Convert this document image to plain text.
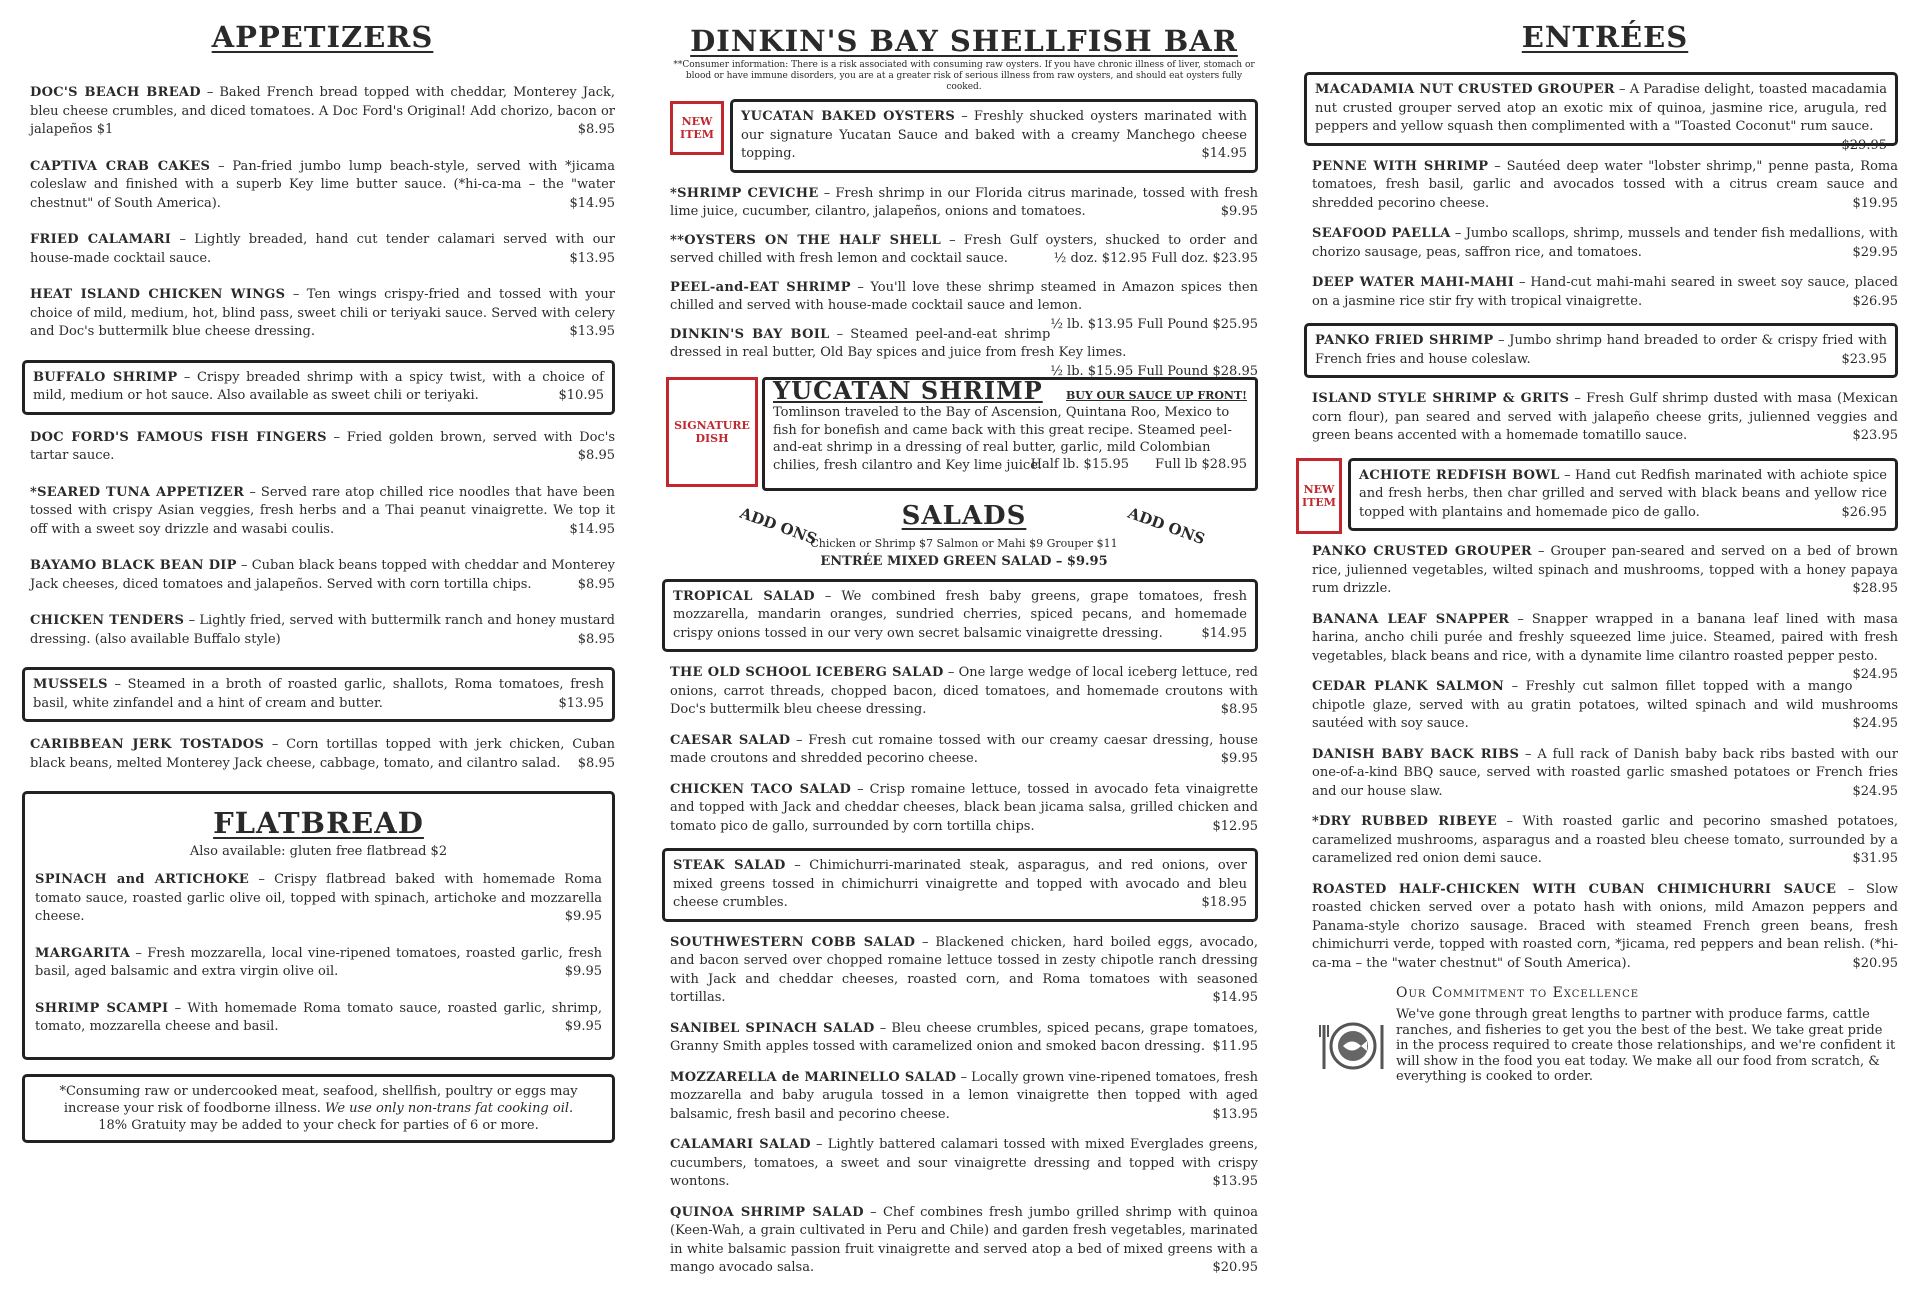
APPETIZERS
DOC'S BEACH BREAD – Baked French bread topped with cheddar, Monterey Jack, bleu cheese crumbles, and diced tomatoes. A Doc Ford's Original! Add chorizo, bacon or jalapeños $1	$8.95
CAPTIVA CRAB CAKES – Pan-fried jumbo lump beach-style, served with *jicama coleslaw and finished with a superb Key lime butter sauce. (*hi-ca-ma – the "water chestnut" of South America).	$14.95
FRIED CALAMARI – Lightly breaded, hand cut tender calamari served with our house-made cocktail sauce.	$13.95
HEAT ISLAND CHICKEN WINGS – Ten wings crispy-fried and tossed with your choice of mild, medium, hot, blind pass, sweet chili or teriyaki sauce. Served with celery and Doc's buttermilk blue cheese dressing.	$13.95
BUFFALO SHRIMP – Crispy breaded shrimp with a spicy twist, with a choice of mild, medium or hot sauce. Also available as sweet chili or teriyaki.	$10.95
DOC FORD'S FAMOUS FISH FINGERS – Fried golden brown, served with Doc's tartar sauce.	$8.95
*SEARED TUNA APPETIZER – Served rare atop chilled rice noodles that have been tossed with crispy Asian veggies, fresh herbs and a Thai peanut vinaigrette. We top it off with a sweet soy drizzle and wasabi coulis.	$14.95
BAYAMO BLACK BEAN DIP – Cuban black beans topped with cheddar and Monterey Jack cheeses, diced tomatoes and jalapeños. Served with corn tortilla chips.	$8.95
CHICKEN TENDERS – Lightly fried, served with buttermilk ranch and honey mustard dressing. (also available Buffalo style)	$8.95
MUSSELS – Steamed in a broth of roasted garlic, shallots, Roma tomatoes, fresh basil, white zinfandel and a hint of cream and butter.	$13.95
CARIBBEAN JERK TOSTADOS – Corn tortillas topped with jerk chicken, Cuban black beans, melted Monterey Jack cheese, cabbage, tomato, and cilantro salad. $8.95
FLATBREAD
Also available: gluten free flatbread $2
SPINACH and ARTICHOKE – Crispy flatbread baked with homemade Roma tomato sauce, roasted garlic olive oil, topped with spinach, artichoke and mozzarella cheese.	$9.95
MARGARITA – Fresh mozzarella, local vine-ripened tomatoes, roasted garlic, fresh basil, aged balsamic and extra virgin olive oil.	$9.95
SHRIMP SCAMPI – With homemade Roma tomato sauce, roasted garlic, shrimp, tomato, mozzarella cheese and basil.	$9.95
*Consuming raw or undercooked meat, seafood, shellfish, poultry or eggs may increase your risk of foodborne illness. We use only non-trans fat cooking oil.
18% Gratuity may be added to your check for parties of 6 or more.
DINKIN'S BAY SHELLFISH BAR
**Consumer information: There is a risk associated with consuming raw oysters. If you have chronic illness of liver, stomach or blood or have immune disorders, you are at a greater risk of serious illness from raw oysters, and should eat oysters fully cooked.
NEW ITEM
YUCATAN BAKED OYSTERS – Freshly shucked oysters marinated with our signature Yucatan Sauce and baked with a creamy Manchego cheese topping.	$14.95
*SHRIMP CEVICHE – Fresh shrimp in our Florida citrus marinade, tossed with fresh lime juice, cucumber, cilantro, jalapeños, onions and tomatoes.	$9.95
**OYSTERS ON THE HALF SHELL – Fresh Gulf oysters, shucked to order and served chilled with fresh lemon and cocktail sauce.	½ doz. $12.95 Full doz. $23.95
PEEL-and-EAT SHRIMP – You'll love these shrimp steamed in Amazon spices then chilled and served with house-made cocktail sauce and lemon.
½ lb. $13.95 Full Pound $25.95
DINKIN'S BAY BOIL – Steamed peel-and-eat shrimp dressed in real butter, Old Bay spices and juice from fresh Key limes.
½ lb. $15.95 Full Pound $28.95
SIGNATURE DISH
YUCATAN SHRIMP BUY OUR SAUCE UP FRONT!
Tomlinson traveled to the Bay of Ascension, Quintana Roo, Mexico to fish for bonefish and came back with this great recipe. Steamed peel-and-eat shrimp in a dressing of real butter, garlic, mild Colombian chilies, fresh cilantro and Key lime juice.
Half lb. $15.95 Full lb $28.95
ADD ONS	ADD ONS
SALADS
Chicken or Shrimp $7 Salmon or Mahi $9 Grouper $11
ENTRÉE MIXED GREEN SALAD – $9.95
TROPICAL SALAD – We combined fresh baby greens, grape tomatoes, fresh mozzarella, mandarin oranges, sundried cherries, spiced pecans, and homemade crispy onions tossed in our very own secret balsamic vinaigrette dressing.	$14.95
THE OLD SCHOOL ICEBERG SALAD – One large wedge of local iceberg lettuce, red onions, carrot threads, chopped bacon, diced tomatoes, and homemade croutons with Doc's buttermilk bleu cheese dressing.	$8.95
CAESAR SALAD – Fresh cut romaine tossed with our creamy caesar dressing, house made croutons and shredded pecorino cheese.	$9.95
CHICKEN TACO SALAD – Crisp romaine lettuce, tossed in avocado feta vinaigrette and topped with Jack and cheddar cheeses, black bean jicama salsa, grilled chicken and tomato pico de gallo, surrounded by corn tortilla chips.	$12.95
STEAK SALAD – Chimichurri-marinated steak, asparagus, and red onions, over mixed greens tossed in chimichurri vinaigrette and topped with avocado and bleu cheese crumbles.	$18.95
SOUTHWESTERN COBB SALAD – Blackened chicken, hard boiled eggs, avocado, and bacon served over chopped romaine lettuce tossed in zesty chipotle ranch dressing with Jack and cheddar cheeses, roasted corn, and Roma tomatoes with seasoned tortillas.	$14.95
SANIBEL SPINACH SALAD – Bleu cheese crumbles, spiced pecans, grape tomatoes, Granny Smith apples tossed with caramelized onion and smoked bacon dressing. $11.95
MOZZARELLA de MARINELLO SALAD – Locally grown vine-ripened tomatoes, fresh mozzarella and baby arugula tossed in a lemon vinaigrette then topped with aged balsamic, fresh basil and pecorino cheese.	$13.95
CALAMARI SALAD – Lightly battered calamari tossed with mixed Everglades greens, cucumbers, tomatoes, a sweet and sour vinaigrette dressing and topped with crispy wontons.	$13.95
QUINOA SHRIMP SALAD – Chef combines fresh jumbo grilled shrimp with quinoa (Keen-Wah, a grain cultivated in Peru and Chile) and garden fresh vegetables, marinated in white balsamic passion fruit vinaigrette and served atop a bed of mixed greens with a mango avocado salsa.	$20.95
ENTRÉES
MACADAMIA NUT CRUSTED GROUPER – A Paradise delight, toasted macadamia nut crusted grouper served atop an exotic mix of quinoa, jasmine rice, arugula, red peppers and yellow squash then complimented with a "Toasted Coconut" rum sauce.
$29.95
PENNE WITH SHRIMP – Sautéed deep water "lobster shrimp," penne pasta, Roma tomatoes, fresh basil, garlic and avocados tossed with a citrus cream sauce and shredded pecorino cheese.	$19.95
SEAFOOD PAELLA – Jumbo scallops, shrimp, mussels and tender fish medallions, with chorizo sausage, peas, saffron rice, and tomatoes.	$29.95
DEEP WATER MAHI-MAHI – Hand-cut mahi-mahi seared in sweet soy sauce, placed on a jasmine rice stir fry with tropical vinaigrette.	$26.95
PANKO FRIED SHRIMP – Jumbo shrimp hand breaded to order & crispy fried with French fries and house coleslaw.	$23.95
ISLAND STYLE SHRIMP & GRITS – Fresh Gulf shrimp dusted with masa (Mexican corn flour), pan seared and served with jalapeño cheese grits, julienned veggies and green beans accented with a homemade tomatillo sauce.	$23.95
NEW ITEM
ACHIOTE REDFISH BOWL – Hand cut Redfish marinated with achiote spice and fresh herbs, then char grilled and served with black beans and yellow rice topped with plantains and homemade pico de gallo.	$26.95
PANKO CRUSTED GROUPER – Grouper pan-seared and served on a bed of brown rice, julienned vegetables, wilted spinach and mushrooms, topped with a honey papaya rum drizzle.	$28.95
BANANA LEAF SNAPPER – Snapper wrapped in a banana leaf lined with masa harina, ancho chili purée and freshly squeezed lime juice. Steamed, paired with fresh vegetables, black beans and rice, with a dynamite lime cilantro roasted pepper pesto.
$24.95
CEDAR PLANK SALMON – Freshly cut salmon fillet topped with a mango chipotle glaze, served with au gratin potatoes, wilted spinach and wild mushrooms sautéed with soy sauce.	$24.95
DANISH BABY BACK RIBS – A full rack of Danish baby back ribs basted with our one-of-a-kind BBQ sauce, served with roasted garlic smashed potatoes or French fries and our house slaw.	$24.95
*DRY RUBBED RIBEYE – With roasted garlic and pecorino smashed potatoes, caramelized mushrooms, asparagus and a roasted bleu cheese tomato, surrounded by a caramelized red onion demi sauce.	$31.95
ROASTED HALF-CHICKEN WITH CUBAN CHIMICHURRI SAUCE – Slow roasted chicken served over a potato hash with onions, mild Amazon peppers and Panama-style chorizo sausage. Braced with steamed French green beans, fresh chimichurri verde, topped with roasted corn, *jicama, red peppers and bean relish. (*hi-ca-ma – the "water chestnut" of South America).	$20.95
Our Commitment to Excellence
We've gone through great lengths to partner with produce farms, cattle ranches, and fisheries to get you the best of the best. We take great pride in the process required to create those relationships, and we're confident it will show in the food you eat today. We make all our food from scratch, & everything is cooked to order.
